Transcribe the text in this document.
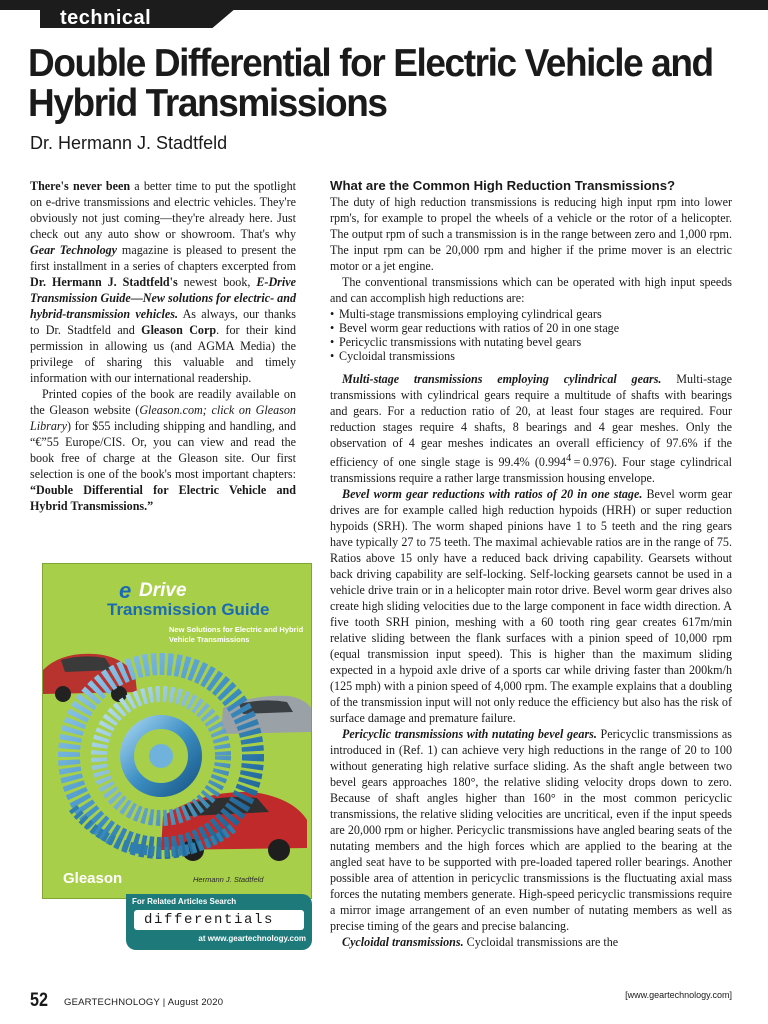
technical
Double Differential for Electric Vehicle and Hybrid Transmissions
Dr. Hermann J. Stadtfeld

There's never been a better time to put the spotlight on e-drive transmissions and electric vehicles. They're obviously not just coming—they're already here. Just check out any auto show or showroom. That's why Gear Technology magazine is pleased to present the first installment in a series of chapters excerpted from Dr. Hermann J. Stadtfeld's newest book, E-Drive Transmission Guide—New solutions for electric- and hybrid-transmission vehicles. As always, our thanks to Dr. Stadtfeld and Gleason Corp. for their kind permission in allowing us (and AGMA Media) the privilege of sharing this valuable and timely information with our international readership.

Printed copies of the book are readily available on the Gleason website (Gleason.com; click on Gleason Library) for $55 including shipping and handling, and “€”55 Europe/CIS. Or, you can view and read the book free of charge at the Gleason site. Our first selection is one of the book's most important chapters: “Double Differential for Electric Vehicle and Hybrid Transmissions.”

e Drive
Transmission Guide
New Solutions for Electric and Hybrid Vehicle Transmissions
Gleason	Hermann J. Stadtfeld
For Related Articles Search
differentials
at www.geartechnology.com
What are the Common High Reduction Transmissions?

The duty of high reduction transmissions is reducing high input rpm into lower rpm's, for example to propel the wheels of a vehicle or the rotor of a helicopter. The output rpm of such a transmission is in the range between zero and 1,000 rpm. The input rpm can be 20,000 rpm and higher if the prime mover is an electric motor or a jet engine.

The conventional transmissions which can be operated with high input speeds and can accomplish high reductions are:

• Multi-stage transmissions employing cylindrical gears
• Bevel worm gear reductions with ratios of 20 in one stage
• Pericyclic transmissions with nutating bevel gears
• Cycloidal transmissions

Multi-stage transmissions employing cylindrical gears. Multi-stage transmissions with cylindrical gears require a multitude of shafts with bearings and gears. For a reduction ratio of 20, at least four stages are required. Four reduction stages require 4 shafts, 8 bearings and 4 gear meshes. Only the observation of 4 gear meshes indicates an overall efficiency of 97.6% if the efficiency of one single stage is 99.4% $(0.994^4 = 0.976)$. Four stage cylindrical transmissions require a rather large transmission housing envelope.

Bevel worm gear reductions with ratios of 20 in one stage. Bevel worm gear drives are for example called high reduction hypoids (HRH) or super reduction hypoids (SRH). The worm shaped pinions have 1 to 5 teeth and the ring gears have typically 27 to 75 teeth. The maximal achievable ratios are in the range of 75. Ratios above 15 only have a reduced back driving capability. Gearsets without back driving capability are self-locking. Self-locking gearsets cannot be used in a vehicle drive train or in a helicopter main rotor drive. Bevel worm gear drives also create high sliding velocities due to the large component in face width direction. A five tooth SRH pinion, meshing with a 60 tooth ring gear creates 617m/min relative sliding between the flank surfaces with a pinion speed of 10,000 rpm (equal transmission input speed). This is higher than the maximum sliding expected in a hypoid axle drive of a sports car while driving faster than 200km/h (125 mph) with a pinion speed of 4,000 rpm. The example explains that a doubling of the transmission input will not only reduce the efficiency but also has the risk of surface damage and premature failure.

Pericyclic transmissions with nutating bevel gears. Pericyclic transmissions as introduced in (Ref. 1) can achieve very high reductions in the range of 20 to 100 without generating high relative surface sliding. As the shaft angle between two bevel gears approaches 180°, the relative sliding velocity drops down to zero. Because of shaft angles higher than 160° in the most common pericyclic transmissions, the relative sliding velocities are uncritical, even if the input speeds are 20,000 rpm or higher. Pericyclic transmissions have angled bearing seats of the nutating members and the high forces which are applied to the bearing at the angled seat have to be supported with pre-loaded tapered roller bearings. Another possible area of attention in pericyclic transmissions is the fluctuating axial mass forces the nutating members generate. High-speed pericyclic transmissions require a mirror image arrangement of an even number of nutating members as well as precise timing of the gears and precise balancing.

Cycloidal transmissions. Cycloidal transmissions are the

52 GEARTECHNOLOGY | August 2020
[www.geartechnology.com]
